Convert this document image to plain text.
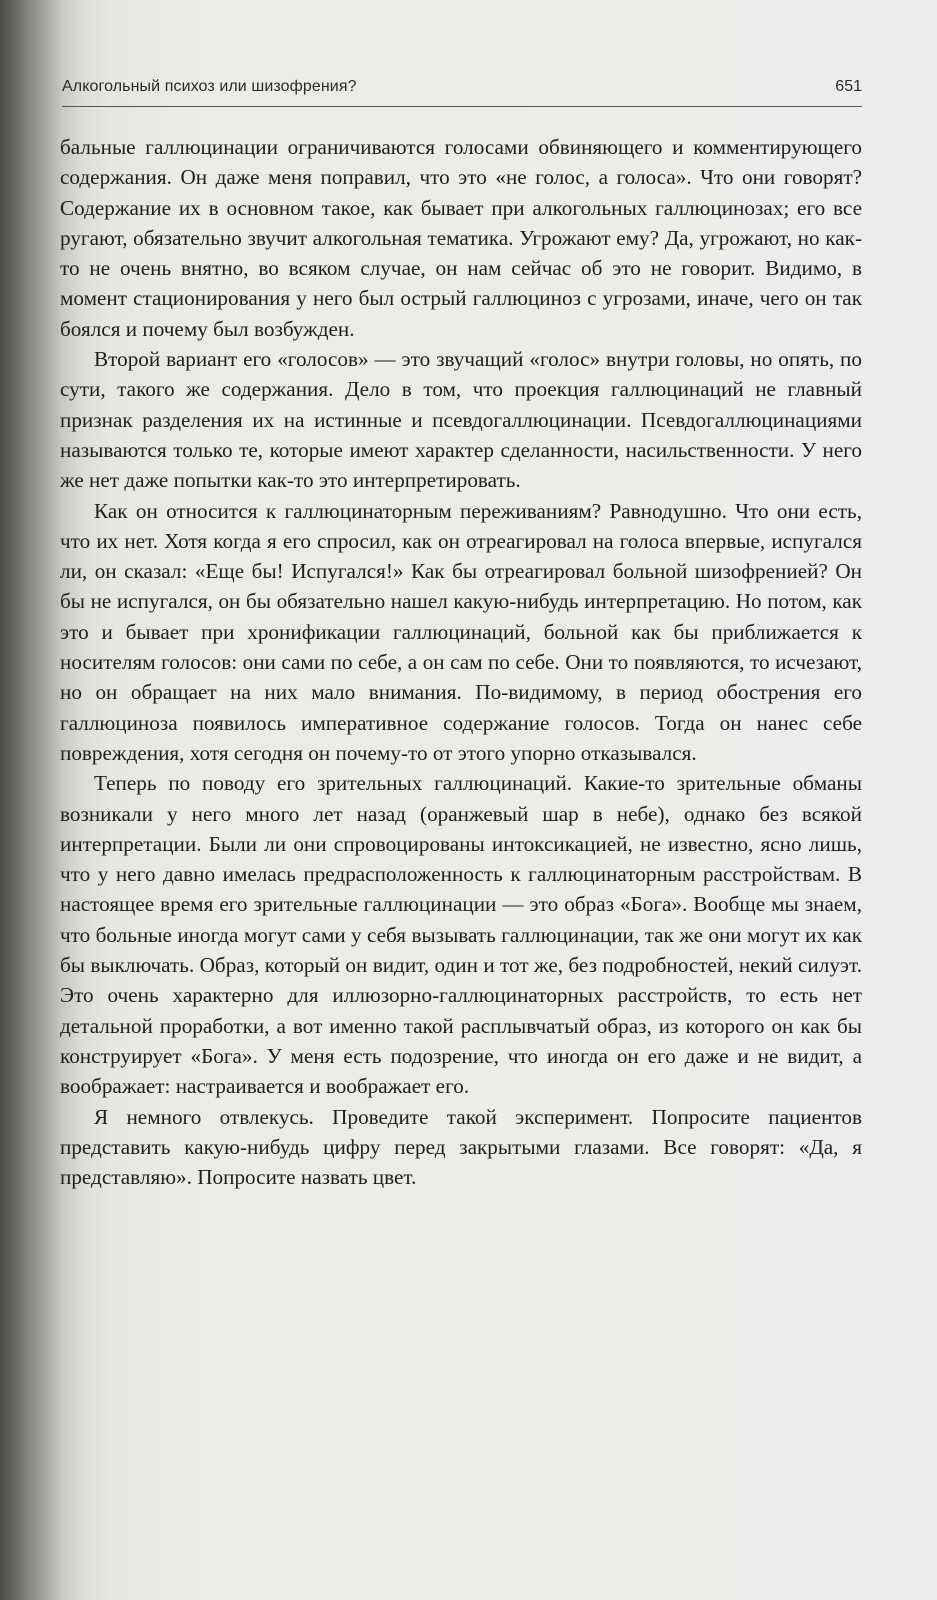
Алкогольный психоз или шизофрения?	651

бальные галлюцинации ограничиваются голосами обвиняющего и комментирующего содержания. Он даже меня поправил, что это «не голос, а голоса». Что они говорят? Содержание их в основном такое, как бывает при алкогольных галлюцинозах; его все ругают, обязательно звучит алкогольная тематика. Угрожают ему? Да, угрожают, но как-то не очень внятно, во всяком случае, он нам сейчас об это не говорит. Видимо, в момент стационирования у него был острый галлюциноз с угрозами, иначе, чего он так боялся и почему был возбужден.

Второй вариант его «голосов» — это звучащий «голос» внутри головы, но опять, по сути, такого же содержания. Дело в том, что проекция галлюцинаций не главный признак разделения их на истинные и псевдогаллюцинации. Псевдогаллюцинациями называются только те, которые имеют характер сделанности, насильственности. У него же нет даже попытки как-то это интерпретировать.

Как он относится к галлюцинаторным переживаниям? Равнодушно. Что они есть, что их нет. Хотя когда я его спросил, как он отреагировал на голоса впервые, испугался ли, он сказал: «Еще бы! Испугался!» Как бы отреагировал больной шизофренией? Он бы не испугался, он бы обязательно нашел какую-нибудь интерпретацию. Но потом, как это и бывает при хронификации галлюцинаций, больной как бы приближается к носителям голосов: они сами по себе, а он сам по себе. Они то появляются, то исчезают, но он обращает на них мало внимания. По-видимому, в период обострения его галлюциноза появилось императивное содержание голосов. Тогда он нанес себе повреждения, хотя сегодня он почему-то от этого упорно отказывался.

Теперь по поводу его зрительных галлюцинаций. Какие-то зрительные обманы возникали у него много лет назад (оранжевый шар в небе), однако без всякой интерпретации. Были ли они спровоцированы интоксикацией, не известно, ясно лишь, что у него давно имелась предрасположенность к галлюцинаторным расстройствам. В настоящее время его зрительные галлюцинации — это образ «Бога». Вообще мы знаем, что больные иногда могут сами у себя вызывать галлюцинации, так же они могут их как бы выключать. Образ, который он видит, один и тот же, без подробностей, некий силуэт. Это очень характерно для иллюзорно-галлюцинаторных расстройств, то есть нет детальной проработки, а вот именно такой расплывчатый образ, из которого он как бы конструирует «Бога». У меня есть подозрение, что иногда он его даже и не видит, а воображает: настраивается и воображает его.

Я немного отвлекусь. Проведите такой эксперимент. Попросите пациентов представить какую-нибудь цифру перед закрытыми глазами. Все говорят: «Да, я представляю». Попросите назвать цвет.
